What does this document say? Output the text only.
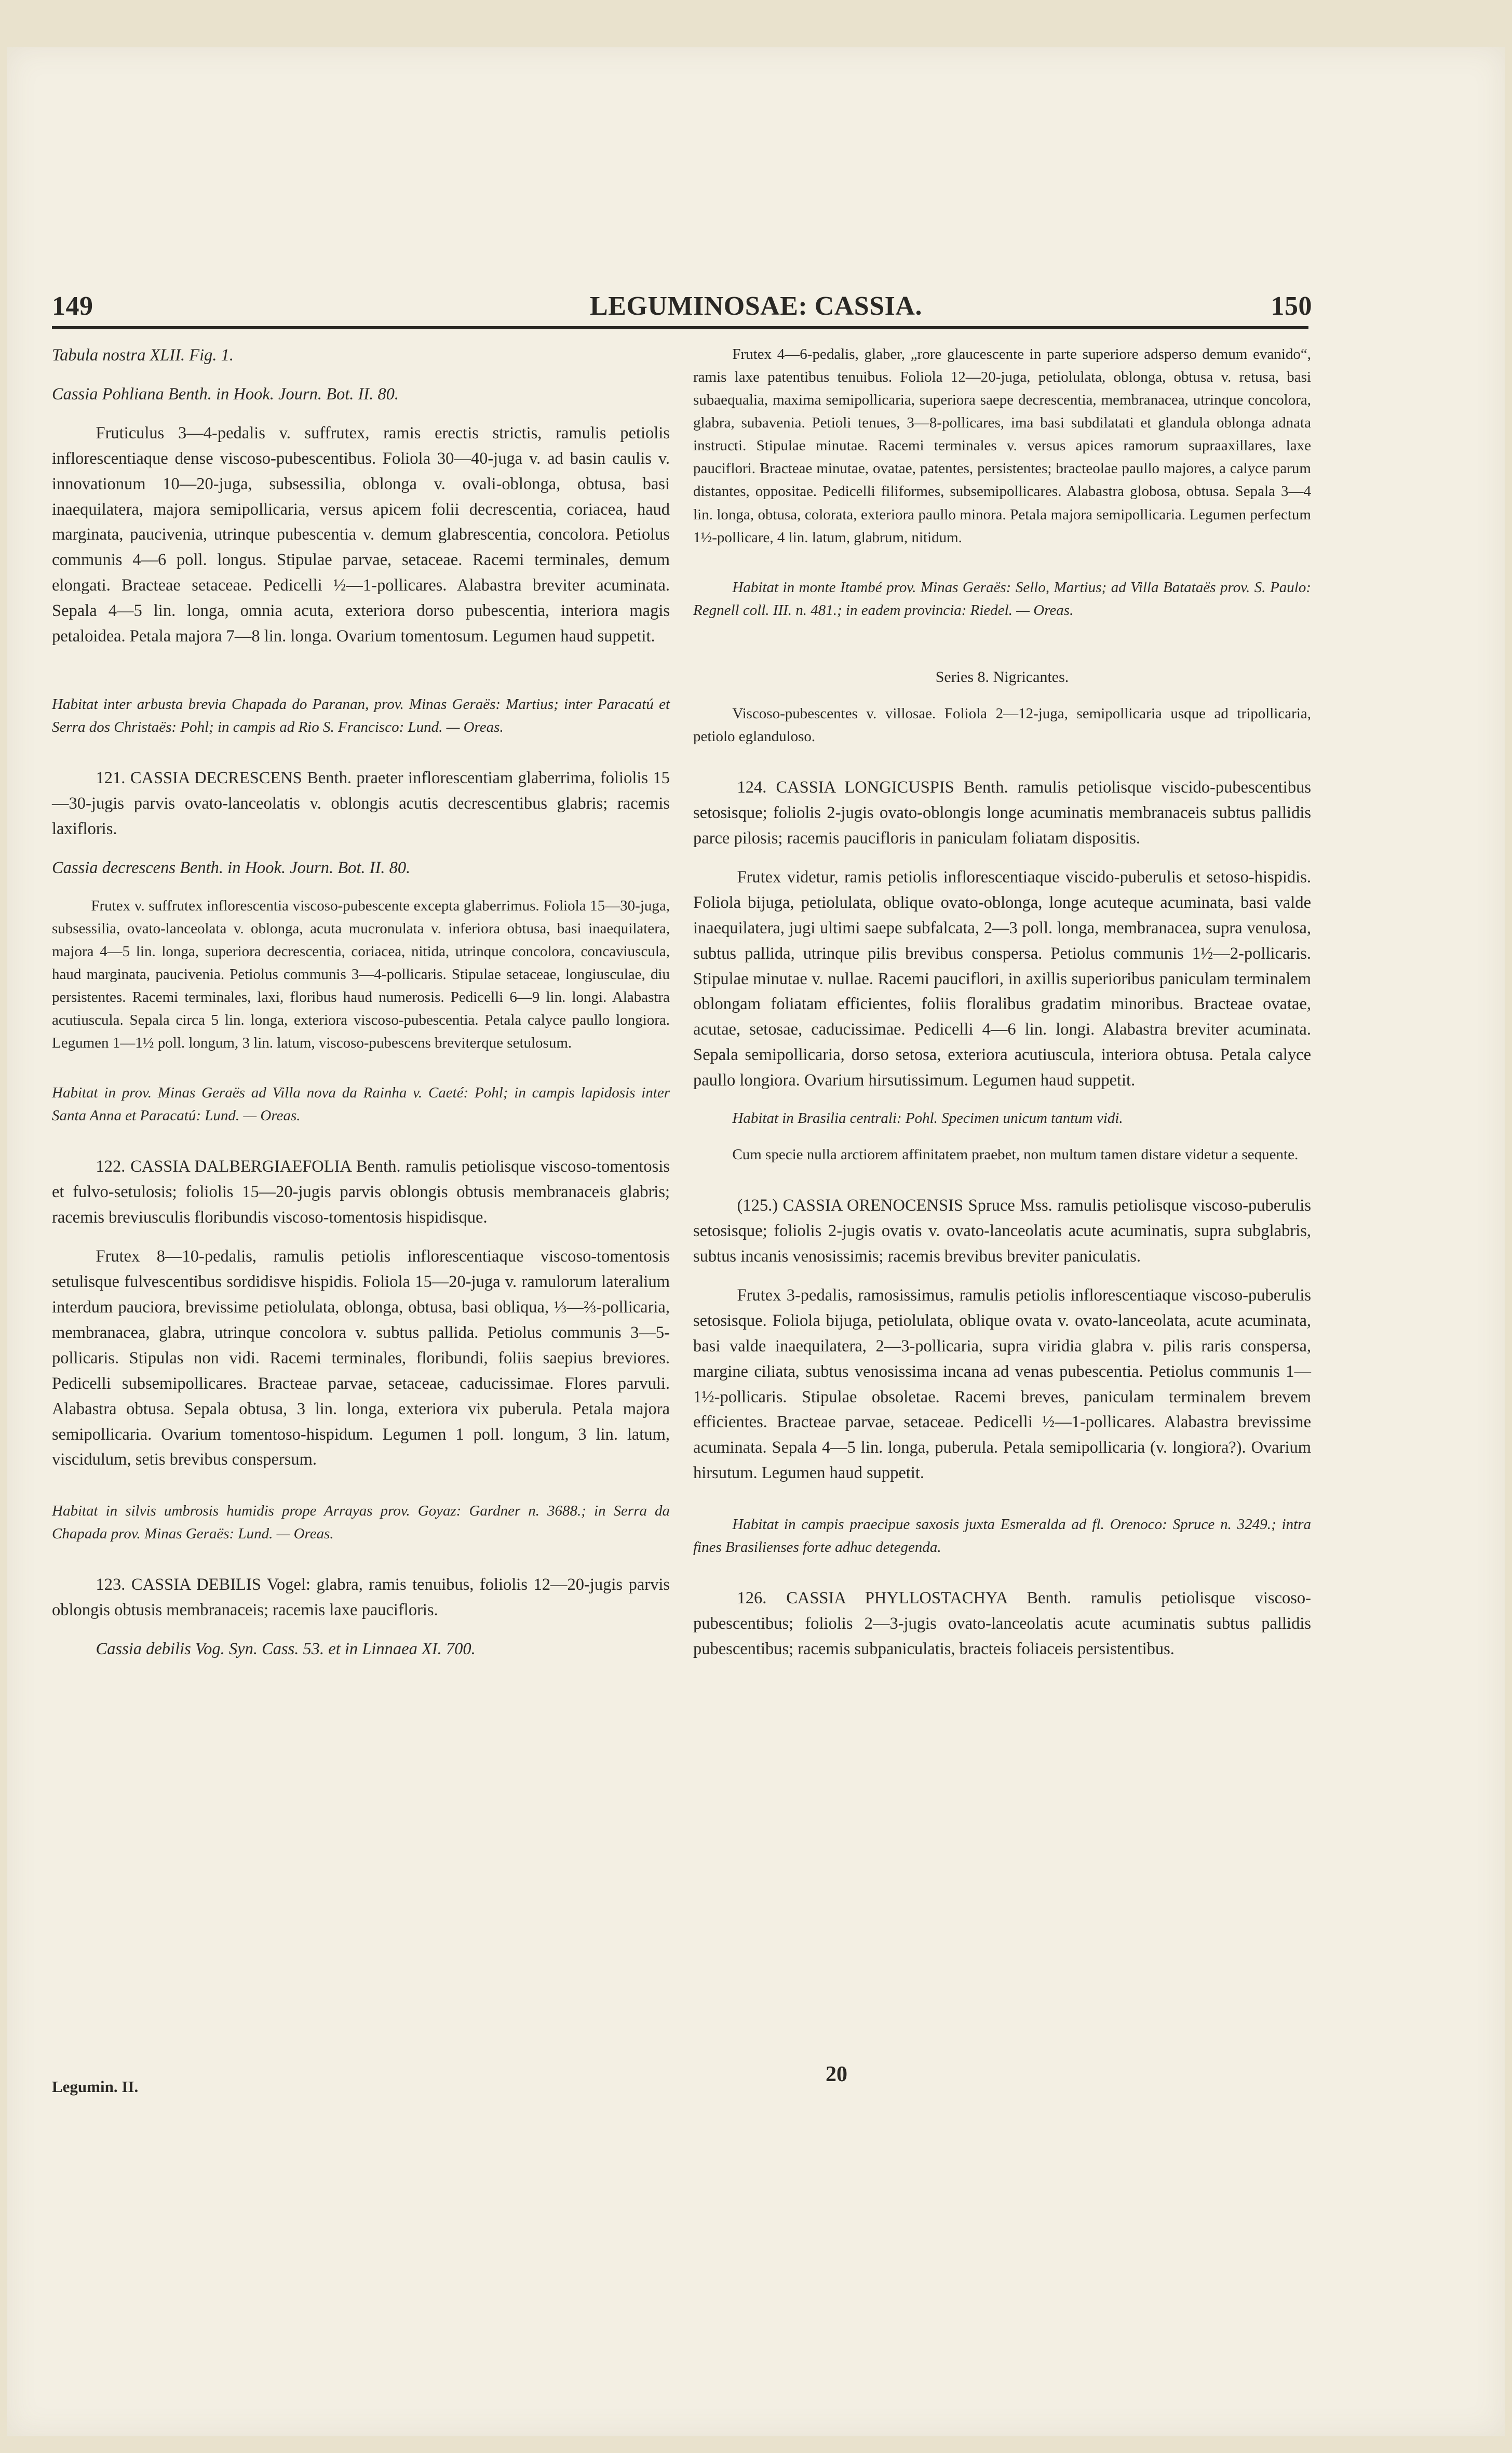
149	LEGUMINOSAE: CASSIA.	150

Tabula nostra XLII. Fig. 1.

Cassia Pohliana Benth. in Hook. Journ. Bot. II. 80.

Fruticulus 3—4-pedalis v. suffrutex, ramis erectis strictis, ramulis petiolis inflorescentiaque dense viscoso-pubescentibus. Foliola 30—40-juga v. ad basin caulis v. innovationum 10—20-juga, subsessilia, oblonga v. ovali-oblonga, obtusa, basi inaequilatera, majora semipollicaria, versus apicem folii decrescentia, coriacea, haud marginata, paucivenia, utrinque pubescentia v. demum glabrescentia, concolora. Petiolus communis 4—6 poll. longus. Stipulae parvae, setaceae. Racemi terminales, demum elongati. Bracteae setaceae. Pedicelli ½—1-pollicares. Alabastra breviter acuminata. Sepala 4—5 lin. longa, omnia acuta, exteriora dorso pubescentia, interiora magis petaloidea. Petala majora 7—8 lin. longa. Ovarium tomentosum. Legumen haud suppetit.

Habitat inter arbusta brevia Chapada do Paranan, prov. Minas Geraës: Martius; inter Paracatú et Serra dos Christaës: Pohl; in campis ad Rio S. Francisco: Lund. — Oreas.

121. CASSIA DECRESCENS Benth. praeter inflorescentiam glaberrima, foliolis 15—30-jugis parvis ovato-lanceolatis v. oblongis acutis decrescentibus glabris; racemis laxifloris.

Cassia decrescens Benth. in Hook. Journ. Bot. II. 80.

Frutex v. suffrutex inflorescentia viscoso-pubescente excepta glaberrimus. Foliola 15—30-juga, subsessilia, ovato-lanceolata v. oblonga, acuta mucronulata v. inferiora obtusa, basi inaequilatera, majora 4—5 lin. longa, superiora decrescentia, coriacea, nitida, utrinque concolora, concaviuscula, haud marginata, paucivenia. Petiolus communis 3—4-pollicaris. Stipulae setaceae, longiusculae, diu persistentes. Racemi terminales, laxi, floribus haud numerosis. Pedicelli 6—9 lin. longi. Alabastra acutiuscula. Sepala circa 5 lin. longa, exteriora viscoso-pubescentia. Petala calyce paullo longiora. Legumen 1—1½ poll. longum, 3 lin. latum, viscoso-pubescens breviterque setulosum.

Habitat in prov. Minas Geraës ad Villa nova da Rainha v. Caeté: Pohl; in campis lapidosis inter Santa Anna et Paracatú: Lund. — Oreas.

122. CASSIA DALBERGIAEFOLIA Benth. ramulis petiolisque viscoso-tomentosis et fulvo-setulosis; foliolis 15—20-jugis parvis oblongis obtusis membranaceis glabris; racemis breviusculis floribundis viscoso-tomentosis hispidisque.

Frutex 8—10-pedalis, ramulis petiolis inflorescentiaque viscoso-tomentosis setulisque fulvescentibus sordidisve hispidis. Foliola 15—20-juga v. ramulorum lateralium interdum pauciora, brevissime petiolulata, oblonga, obtusa, basi obliqua, ⅓—⅔-pollicaria, membranacea, glabra, utrinque concolora v. subtus pallida. Petiolus communis 3—5-pollicaris. Stipulas non vidi. Racemi terminales, floribundi, foliis saepius breviores. Pedicelli subsemipollicares. Bracteae parvae, setaceae, caducissimae. Flores parvuli. Alabastra obtusa. Sepala obtusa, 3 lin. longa, exteriora vix puberula. Petala majora semipollicaria. Ovarium tomentoso-hispidum. Legumen 1 poll. longum, 3 lin. latum, viscidulum, setis brevibus conspersum.

Habitat in silvis umbrosis humidis prope Arrayas prov. Goyaz: Gardner n. 3688.; in Serra da Chapada prov. Minas Geraës: Lund. — Oreas.

123. CASSIA DEBILIS Vogel: glabra, ramis tenuibus, foliolis 12—20-jugis parvis oblongis obtusis membranaceis; racemis laxe paucifloris.

Cassia debilis Vog. Syn. Cass. 53. et in Linnaea XI. 700.

Legumin. II.

Frutex 4—6-pedalis, glaber, „rore glaucescente in parte superiore adsperso demum evanido“, ramis laxe patentibus tenuibus. Foliola 12—20-juga, petiolulata, oblonga, obtusa v. retusa, basi subaequalia, maxima semipollicaria, superiora saepe decrescentia, membranacea, utrinque concolora, glabra, subavenia. Petioli tenues, 3—8-pollicares, ima basi subdilatati et glandula oblonga adnata instructi. Stipulae minutae. Racemi terminales v. versus apices ramorum supraaxillares, laxe pauciflori. Bracteae minutae, ovatae, patentes, persistentes; bracteolae paullo majores, a calyce parum distantes, oppositae. Pedicelli filiformes, subsemipollicares. Alabastra globosa, obtusa. Sepala 3—4 lin. longa, obtusa, colorata, exteriora paullo minora. Petala majora semipollicaria. Legumen perfectum 1½-pollicare, 4 lin. latum, glabrum, nitidum.

Habitat in monte Itambé prov. Minas Geraës: Sello, Martius; ad Villa Batataës prov. S. Paulo: Regnell coll. III. n. 481.; in eadem provincia: Riedel. — Oreas.

Series 8. Nigricantes.

Viscoso-pubescentes v. villosae. Foliola 2—12-juga, semipollicaria usque ad tripollicaria, petiolo eglanduloso.

124. CASSIA LONGICUSPIS Benth. ramulis petiolisque viscido-pubescentibus setosisque; foliolis 2-jugis ovato-oblongis longe acuminatis membranaceis subtus pallidis parce pilosis; racemis paucifloris in paniculam foliatam dispositis.

Frutex videtur, ramis petiolis inflorescentiaque viscido-puberulis et setoso-hispidis. Foliola bijuga, petiolulata, oblique ovato-oblonga, longe acuteque acuminata, basi valde inaequilatera, jugi ultimi saepe subfalcata, 2—3 poll. longa, membranacea, supra venulosa, subtus pallida, utrinque pilis brevibus conspersa. Petiolus communis 1½—2-pollicaris. Stipulae minutae v. nullae. Racemi pauciflori, in axillis superioribus paniculam terminalem oblongam foliatam efficientes, foliis floralibus gradatim minoribus. Bracteae ovatae, acutae, setosae, caducissimae. Pedicelli 4—6 lin. longi. Alabastra breviter acuminata. Sepala semipollicaria, dorso setosa, exteriora acutiuscula, interiora obtusa. Petala calyce paullo longiora. Ovarium hirsutissimum. Legumen haud suppetit.

Habitat in Brasilia centrali: Pohl. Specimen unicum tantum vidi.

Cum specie nulla arctiorem affinitatem praebet, non multum tamen distare videtur a sequente.

(125.) CASSIA ORENOCENSIS Spruce Mss. ramulis petiolisque viscoso-puberulis setosisque; foliolis 2-jugis ovatis v. ovato-lanceolatis acute acuminatis, supra subglabris, subtus incanis venosissimis; racemis brevibus breviter paniculatis.

Frutex 3-pedalis, ramosissimus, ramulis petiolis inflorescentiaque viscoso-puberulis setosisque. Foliola bijuga, petiolulata, oblique ovata v. ovato-lanceolata, acute acuminata, basi valde inaequilatera, 2—3-pollicaria, supra viridia glabra v. pilis raris conspersa, margine ciliata, subtus venosissima incana ad venas pubescentia. Petiolus communis 1—1½-pollicaris. Stipulae obsoletae. Racemi breves, paniculam terminalem brevem efficientes. Bracteae parvae, setaceae. Pedicelli ½—1-pollicares. Alabastra brevissime acuminata. Sepala 4—5 lin. longa, puberula. Petala semipollicaria (v. longiora?). Ovarium hirsutum. Legumen haud suppetit.

Habitat in campis praecipue saxosis juxta Esmeralda ad fl. Orenoco: Spruce n. 3249.; intra fines Brasilienses forte adhuc detegenda.

126. CASSIA PHYLLOSTACHYA Benth. ramulis petiolisque viscoso-pubescentibus; foliolis 2—3-jugis ovato-lanceolatis acute acuminatis subtus pallidis pubescentibus; racemis subpaniculatis, bracteis foliaceis persistentibus.

20
